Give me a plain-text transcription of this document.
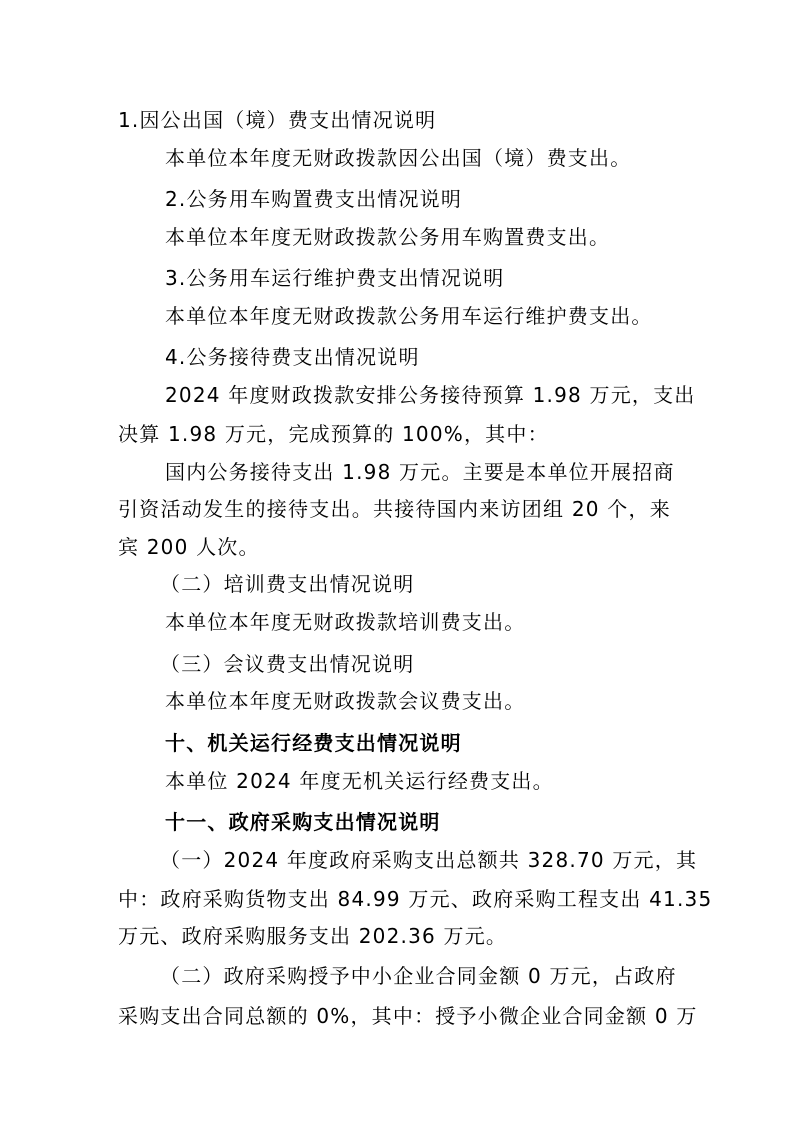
1.因公出国（境）费支出情况说明
本单位本年度无财政拨款因公出国（境）费支出。
2.公务用车购置费支出情况说明
本单位本年度无财政拨款公务用车购置费支出。
3.公务用车运行维护费支出情况说明
本单位本年度无财政拨款公务用车运行维护费支出。
4.公务接待费支出情况说明
2024 年度财政拨款安排公务接待预算 1.98 万元，支出
决算 1.98 万元，完成预算的 100%，其中：
国内公务接待支出 1.98 万元。主要是本单位开展招商
引资活动发生的接待支出。共接待国内来访团组 20 个，来
宾 200 人次。
（二）培训费支出情况说明
本单位本年度无财政拨款培训费支出。
（三）会议费支出情况说明
本单位本年度无财政拨款会议费支出。
十、机关运行经费支出情况说明
本单位 2024 年度无机关运行经费支出。
十一、政府采购支出情况说明
（一）2024 年度政府采购支出总额共 328.70 万元，其
中：政府采购货物支出 84.99 万元、政府采购工程支出 41.35
万元、政府采购服务支出 202.36 万元。
（二）政府采购授予中小企业合同金额 0 万元，占政府
采购支出合同总额的 0%，其中：授予小微企业合同金额 0 万
